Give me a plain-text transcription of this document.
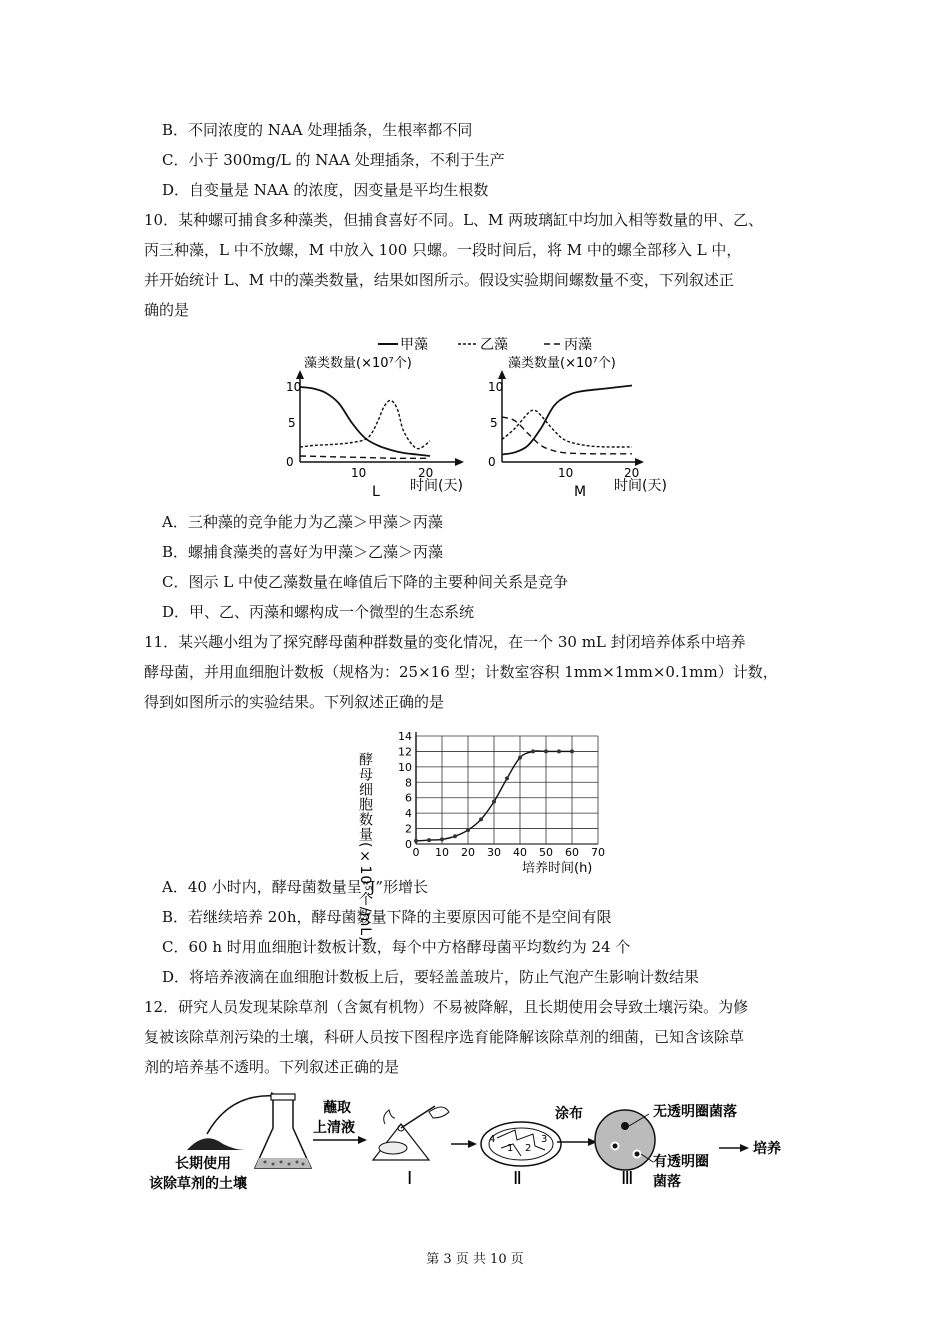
B．不同浓度的 NAA 处理插条，生根率都不同
C．小于 300mg/L 的 NAA 处理插条，不利于生产
D．自变量是 NAA 的浓度，因变量是平均生根数
10．某种螺可捕食多种藻类，但捕食喜好不同。L、M 两玻璃缸中均加入相等数量的甲、乙、
丙三种藻，L 中不放螺，M 中放入 100 只螺。一段时间后，将 M 中的螺全部移入 L 中，
并开始统计 L、M 中的藻类数量，结果如图所示。假设实验期间螺数量不变，下列叙述正
确的是
甲藻	乙藻	丙藻
藻类数量(×10⁷个)
10
5
0
10	20
时间(天)
L
藻类数量(×10⁷个)
10
5
0
10	20
时间(天)
M
A．三种藻的竞争能力为乙藻＞甲藻＞丙藻
B．螺捕食藻类的喜好为甲藻＞乙藻＞丙藻
C．图示 L 中使乙藻数量在峰值后下降的主要种间关系是竞争
D．甲、乙、丙藻和螺构成一个微型的生态系统
11．某兴趣小组为了探究酵母菌种群数量的变化情况，在一个 30 mL 封闭培养体系中培养
酵母菌，并用血细胞计数板（规格为：25×16 型；计数室容积 1mm×1mm×0.1mm）计数，
得到如图所示的实验结果。下列叙述正确的是
酵母细胞数量(×10⁵个/mL)	0
2
4
6
8
10
12
14
0 10 20 30 40 50 60 70
培养时间(h)
A．40 小时内，酵母菌数量呈“J”形增长
B．若继续培养 20h，酵母菌数量下降的主要原因可能不是空间有限
C．60 h 时用血细胞计数板计数，每个中方格酵母菌平均数约为 24 个
D．将培养液滴在血细胞计数板上后，要轻盖盖玻片，防止气泡产生影响计数结果
12．研究人员发现某除草剂（含氮有机物）不易被降解，且长期使用会导致土壤污染。为修
复被该除草剂污染的土壤，科研人员按下图程序选育能降解该除草剂的细菌，已知含该除草
剂的培养基不透明。下列叙述正确的是
长期使用
该除草剂的土壤
蘸取
上清液
Ⅰ
4
1 2
3
Ⅱ
涂布
Ⅲ
无透明圈菌落
有透明圈
菌落
培养
第 3 页 共 10 页
